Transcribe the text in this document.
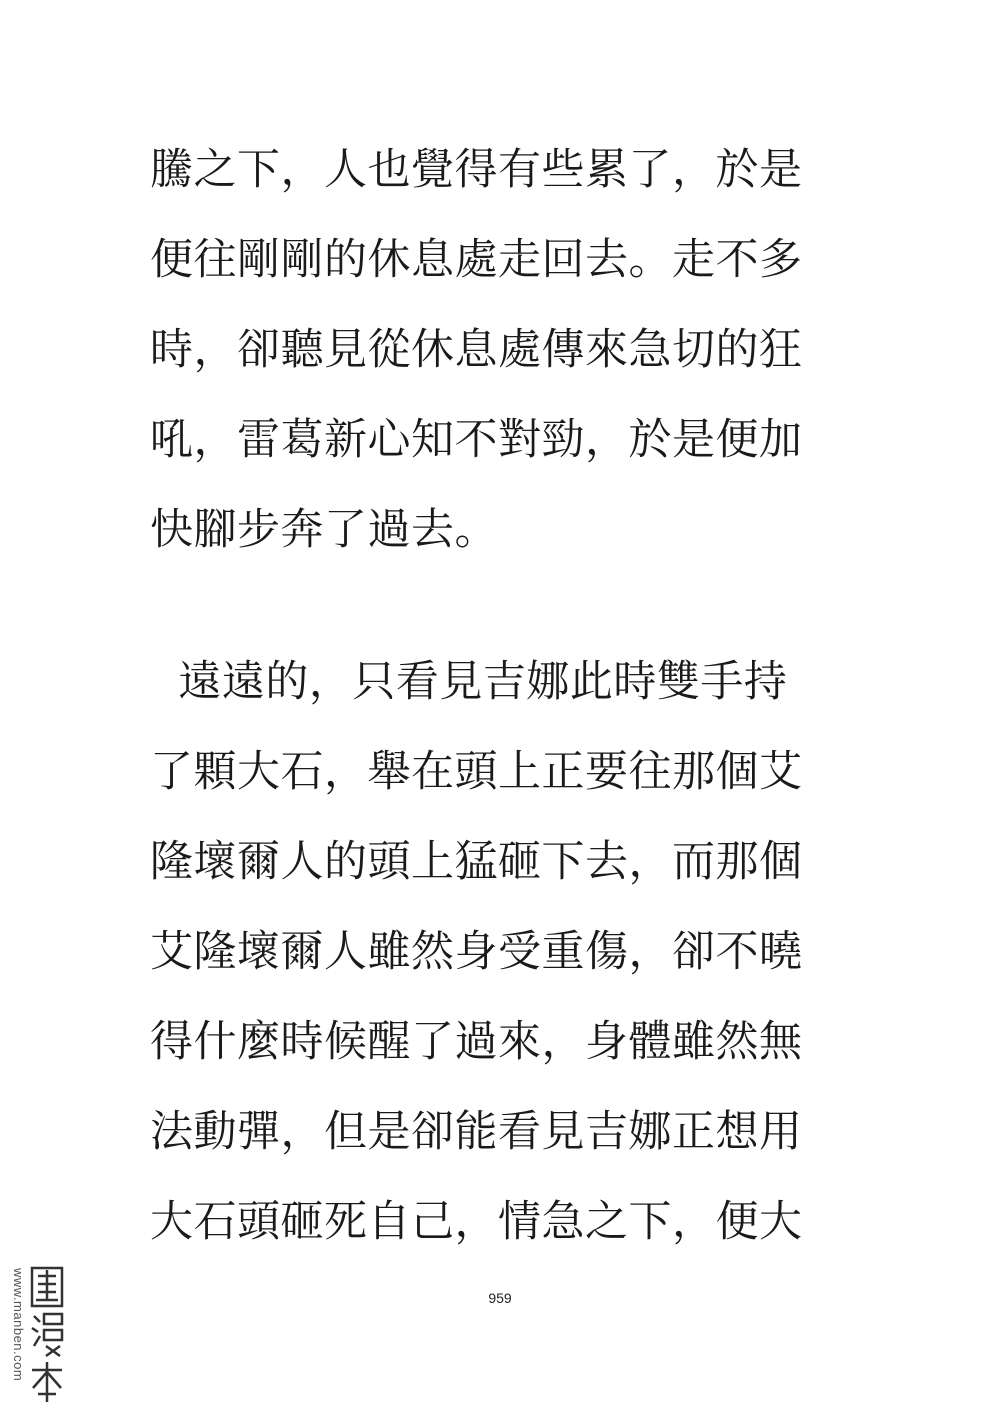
騰之下，人也覺得有些累了，於是
便往剛剛的休息處走回去。走不多
時，卻聽見從休息處傳來急切的狂
吼，雷葛新心知不對勁，於是便加
快腳步奔了過去。
遠遠的，只看見吉娜此時雙手持
了顆大石，舉在頭上正要往那個艾
隆壞爾人的頭上猛砸下去，而那個
艾隆壞爾人雖然身受重傷，卻不曉
得什麼時候醒了過來，身體雖然無
法動彈，但是卻能看見吉娜正想用
大石頭砸死自己，情急之下，便大
959
www.manben.com
